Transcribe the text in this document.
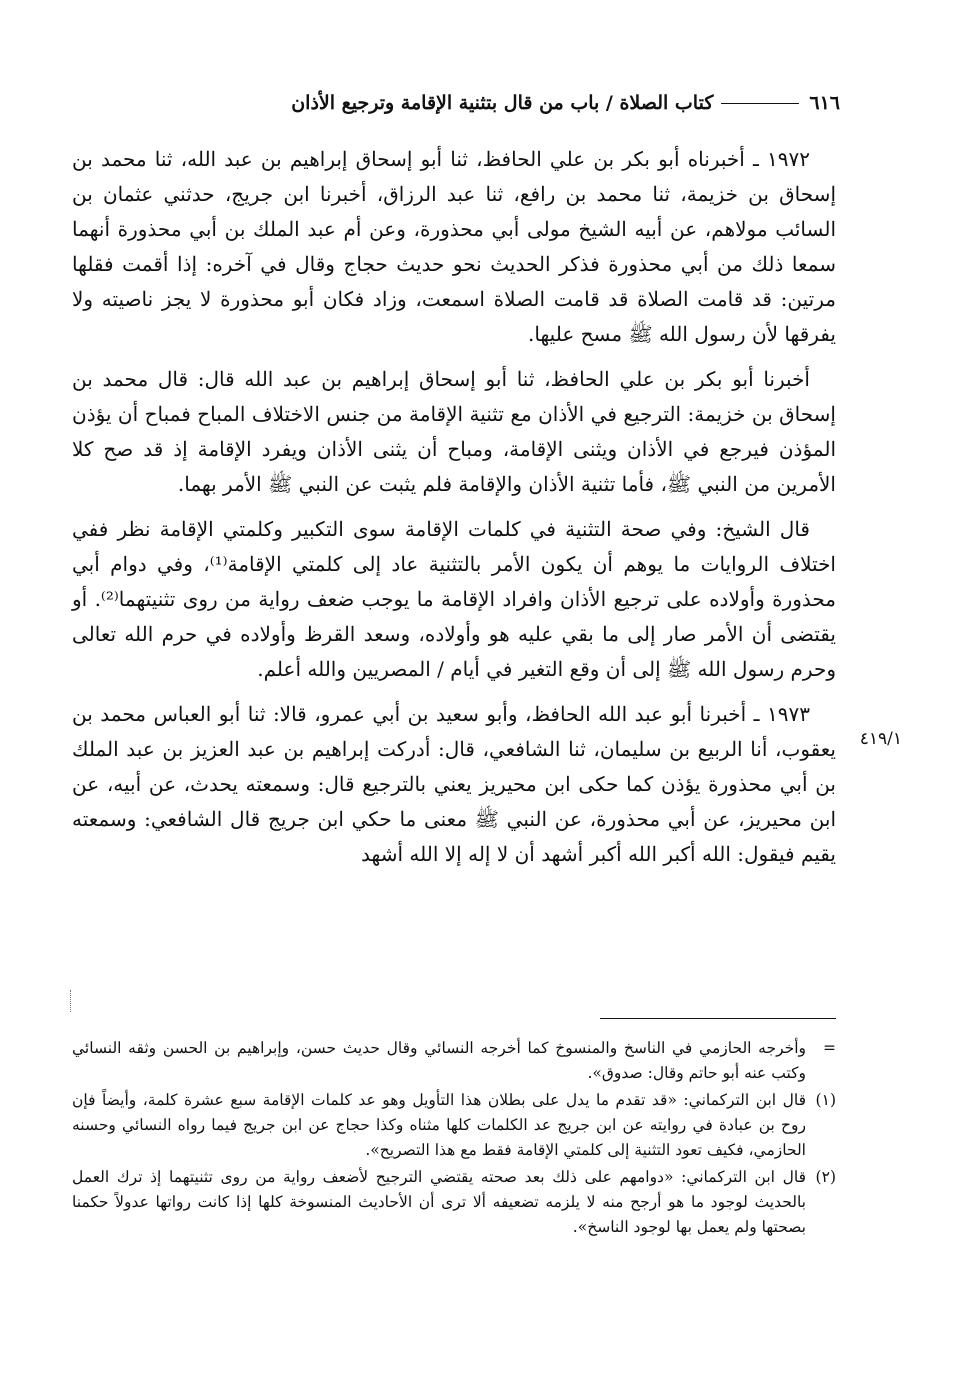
٦١٦
كتاب الصلاة / باب من قال بتثنية الإقامة وترجيع الأذان

١٩٧٢ ـ أخبرناه أبو بكر بن علي الحافظ، ثنا أبو إسحاق إبراهيم بن عبد الله، ثنا محمد بن إسحاق بن خزيمة، ثنا محمد بن رافع، ثنا عبد الرزاق، أخبرنا ابن جريج، حدثني عثمان بن السائب مولاهم، عن أبيه الشيخ مولى أبي محذورة، وعن أم عبد الملك بن أبي محذورة أنهما سمعا ذلك من أبي محذورة فذكر الحديث نحو حديث حجاج وقال في آخره: إذا أقمت فقلها مرتين: قد قامت الصلاة قد قامت الصلاة اسمعت، وزاد فكان أبو محذورة لا يجز ناصيته ولا يفرقها لأن رسول الله ﷺ مسح عليها.

أخبرنا أبو بكر بن علي الحافظ، ثنا أبو إسحاق إبراهيم بن عبد الله قال: قال محمد بن إسحاق بن خزيمة: الترجيع في الأذان مع تثنية الإقامة من جنس الاختلاف المباح فمباح أن يؤذن المؤذن فيرجع في الأذان ويثنى الإقامة، ومباح أن يثنى الأذان ويفرد الإقامة إذ قد صح كلا الأمرين من النبي ﷺ، فأما تثنية الأذان والإقامة فلم يثبت عن النبي ﷺ الأمر بهما.

قال الشيخ: وفي صحة التثنية في كلمات الإقامة سوى التكبير وكلمتي الإقامة نظر ففي اختلاف الروايات ما يوهم أن يكون الأمر بالتثنية عاد إلى كلمتي الإقامة⁽¹⁾، وفي دوام أبي محذورة وأولاده على ترجيع الأذان وافراد الإقامة ما يوجب ضعف رواية من روى تثنيتهما⁽²⁾. أو يقتضى أن الأمر صار إلى ما بقي عليه هو وأولاده، وسعد القرظ وأولاده في حرم الله تعالى وحرم رسول الله ﷺ إلى أن وقع التغير في أيام / المصريين والله أعلم.

١٩٧٣ ـ أخبرنا أبو عبد الله الحافظ، وأبو سعيد بن أبي عمرو، قالا: ثنا أبو العباس محمد بن يعقوب، أنا الربيع بن سليمان، ثنا الشافعي، قال: أدركت إبراهيم بن عبد العزيز بن عبد الملك بن أبي محذورة يؤذن كما حكى ابن محيريز يعني بالترجيع قال: وسمعته يحدث، عن أبيه، عن ابن محيريز، عن أبي محذورة، عن النبي ﷺ معنى ما حكي ابن جريج قال الشافعي: وسمعته يقيم فيقول: الله أكبر الله أكبر أشهد أن لا إله إلا الله أشهد

٤١٩/١
=
وأخرجه الحازمي في الناسخ والمنسوخ كما أخرجه النسائي وقال حديث حسن، وإبراهيم بن الحسن وثقه النسائي وكتب عنه أبو حاتم وقال: صدوق».
(١)
قال ابن التركماني: «قد تقدم ما يدل على بطلان هذا التأويل وهو عد كلمات الإقامة سبع عشرة كلمة، وأيضاً فإن روح بن عبادة في روايته عن ابن جريج عد الكلمات كلها مثناه وكذا حجاج عن ابن جريج فيما رواه النسائي وحسنه الحازمي، فكيف تعود التثنية إلى كلمتي الإقامة فقط مع هذا التصريح».
(٢)
قال ابن التركماني: «دوامهم على ذلك بعد صحته يقتضي الترجيح لأضعف رواية من روى تثنيتهما إذ ترك العمل بالحديث لوجود ما هو أرجح منه لا يلزمه تضعيفه ألا ترى أن الأحاديث المنسوخة كلها إذا كانت رواتها عدولاً حكمنا بصحتها ولم يعمل بها لوجود الناسخ».
